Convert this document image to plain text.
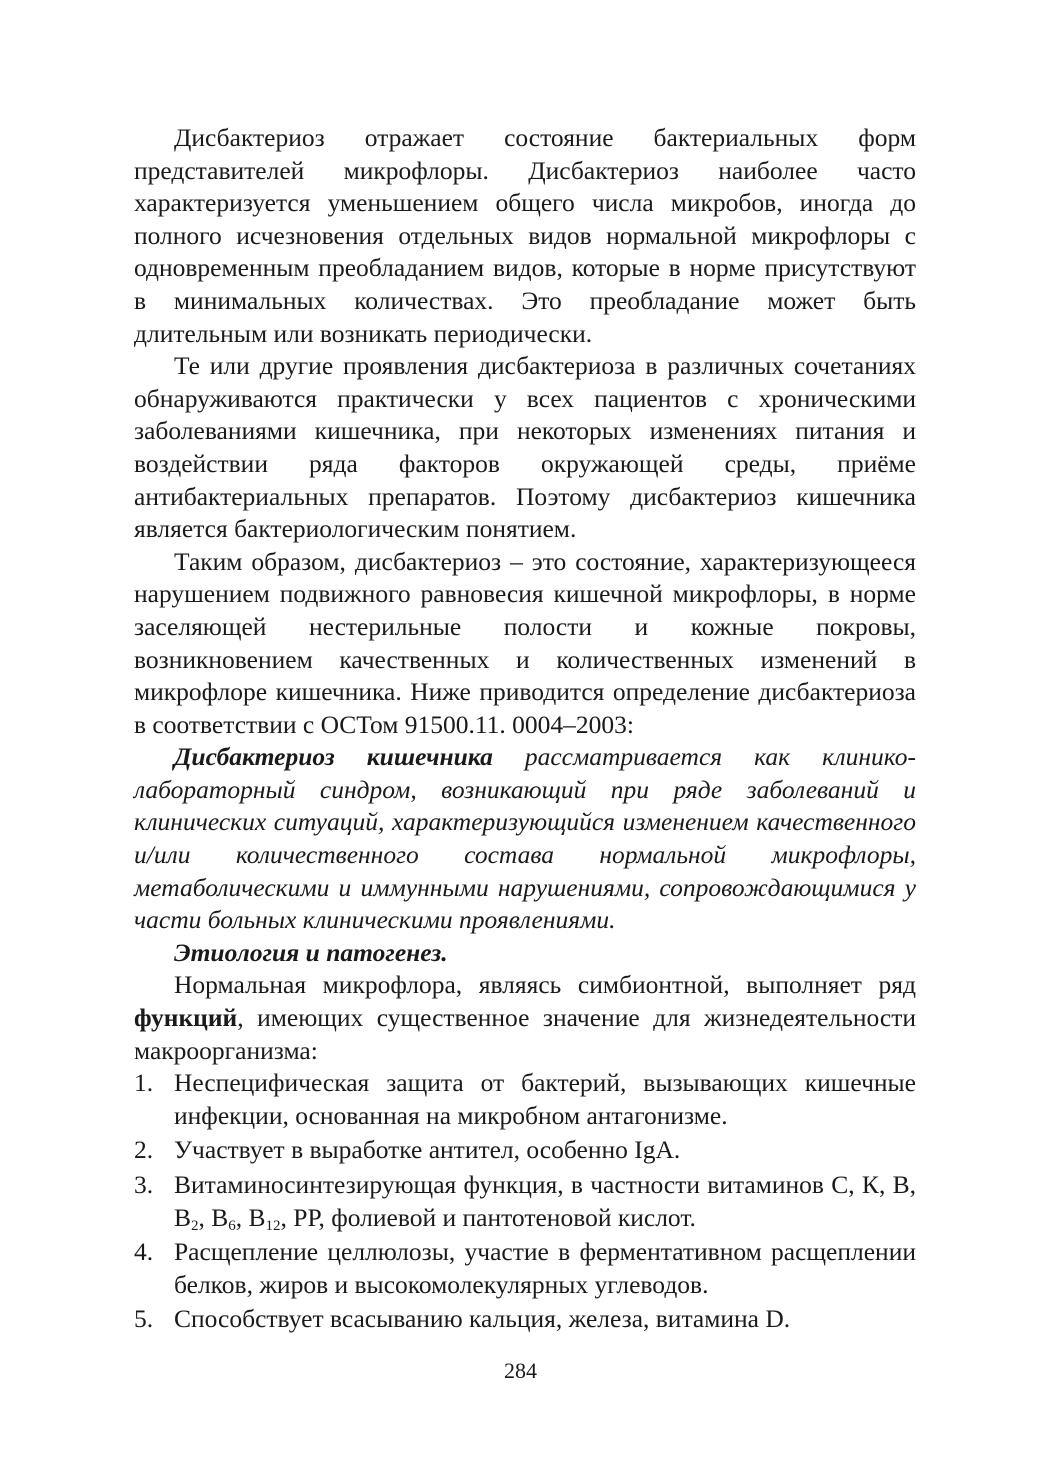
Дисбактериоз отражает состояние бактериальных форм представителей микрофлоры. Дисбактериоз наиболее часто характеризуется уменьшением общего числа микробов, иногда до полного исчезновения отдельных видов нормальной микрофлоры с одновременным преобладанием видов, которые в норме присутствуют в минимальных количествах. Это преобладание может быть длительным или возникать периодически.

Те или другие проявления дисбактериоза в различных сочетаниях обнаруживаются практически у всех пациентов с хроническими заболеваниями кишечника, при некоторых изменениях питания и воздействии ряда факторов окружающей среды, приёме антибактериальных препаратов. Поэтому дисбактериоз кишечника является бактериологическим понятием.

Таким образом, дисбактериоз – это состояние, характеризующееся нарушением подвижного равновесия кишечной микрофлоры, в норме заселяющей нестерильные полости и кожные покровы, возникновением качественных и количественных изменений в микрофлоре кишечника. Ниже приводится определение дисбактериоза в соответствии с ОСТом 91500.11. 0004–2003:

Дисбактериоз кишечника рассматривается как клинико-лабораторный синдром, возникающий при ряде заболеваний и клинических ситуаций, характеризующийся изменением качественного и/или количественного состава нормальной микрофлоры, метаболическими и иммунными нарушениями, сопровождающимися у части больных клиническими проявлениями.

Этиология и патогенез.

Нормальная микрофлора, являясь симбионтной, выполняет ряд функций, имеющих существенное значение для жизнедеятельности макроорганизма:

1. Неспецифическая защита от бактерий, вызывающих кишечные инфекции, основанная на микробном антагонизме.
2. Участвует в выработке антител, особенно IgA.
3. Витаминосинтезирующая функция, в частности витаминов С, К, В, $В_2$, $В_6$, $В_{12}$, РР, фолиевой и пантотеновой кислот.
4. Расщепление целлюлозы, участие в ферментативном расщеплении белков, жиров и высокомолекулярных углеводов.
5. Способствует всасыванию кальция, железа, витамина D.
284
